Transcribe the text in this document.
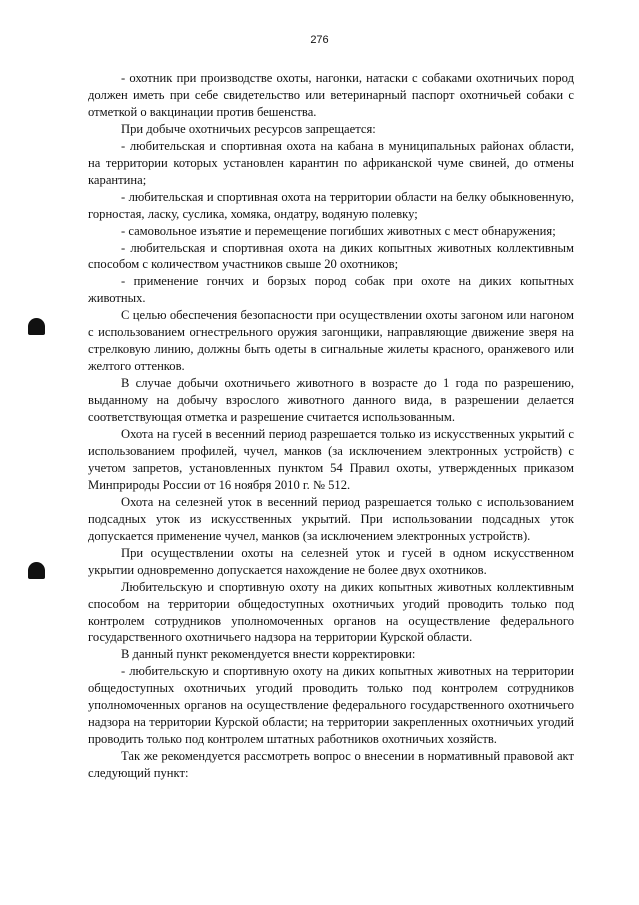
276

- охотник при производстве охоты, нагонки, натаски с собаками охотничьих пород должен иметь при себе свидетельство или ветеринарный паспорт охотничьей собаки с отметкой о вакцинации против бешенства.

При добыче охотничьих ресурсов запрещается:

- любительская и спортивная охота на кабана в муниципальных районах области, на территории которых установлен карантин по африканской чуме свиней, до отмены карантина;

- любительская и спортивная охота на территории области на белку обыкновенную, горностая, ласку, суслика, хомяка, ондатру, водяную полевку;

- самовольное изъятие и перемещение погибших животных с мест обнаружения;

- любительская и спортивная охота на диких копытных животных коллективным способом с количеством участников свыше 20 охотников;

- применение гончих и борзых пород собак при охоте на диких копытных животных.

С целью обеспечения безопасности при осуществлении охоты загоном или нагоном с использованием огнестрельного оружия загонщики, направляющие движение зверя на стрелковую линию, должны быть одеты в сигнальные жилеты красного, оранжевого или желтого оттенков.

В случае добычи охотничьего животного в возрасте до 1 года по разрешению, выданному на добычу взрослого животного данного вида, в разрешении делается соответствующая отметка и разрешение считается использованным.

Охота на гусей в весенний период разрешается только из искусственных укрытий с использованием профилей, чучел, манков (за исключением электронных устройств) с учетом запретов, установленных пунктом 54 Правил охоты, утвержденных приказом Минприроды России от 16 ноября 2010 г. № 512.

Охота на селезней уток в весенний период разрешается только с использованием подсадных уток из искусственных укрытий. При использовании подсадных уток допускается применение чучел, манков (за исключением электронных устройств).

При осуществлении охоты на селезней уток и гусей в одном искусственном укрытии одновременно допускается нахождение не более двух охотников.

Любительскую и спортивную охоту на диких копытных животных коллективным способом на территории общедоступных охотничьих угодий проводить только под контролем сотрудников уполномоченных органов на осуществление федерального государственного охотничьего надзора на территории Курской области.

В данный пункт рекомендуется внести корректировки:

- любительскую и спортивную охоту на диких копытных животных на территории общедоступных охотничьих угодий проводить только под контролем сотрудников уполномоченных органов на осуществление федерального государственного охотничьего надзора на территории Курской области; на территории закрепленных охотничьих угодий проводить только под контролем штатных работников охотничьих хозяйств.

Так же рекомендуется рассмотреть вопрос о внесении в нормативный правовой акт следующий пункт:
